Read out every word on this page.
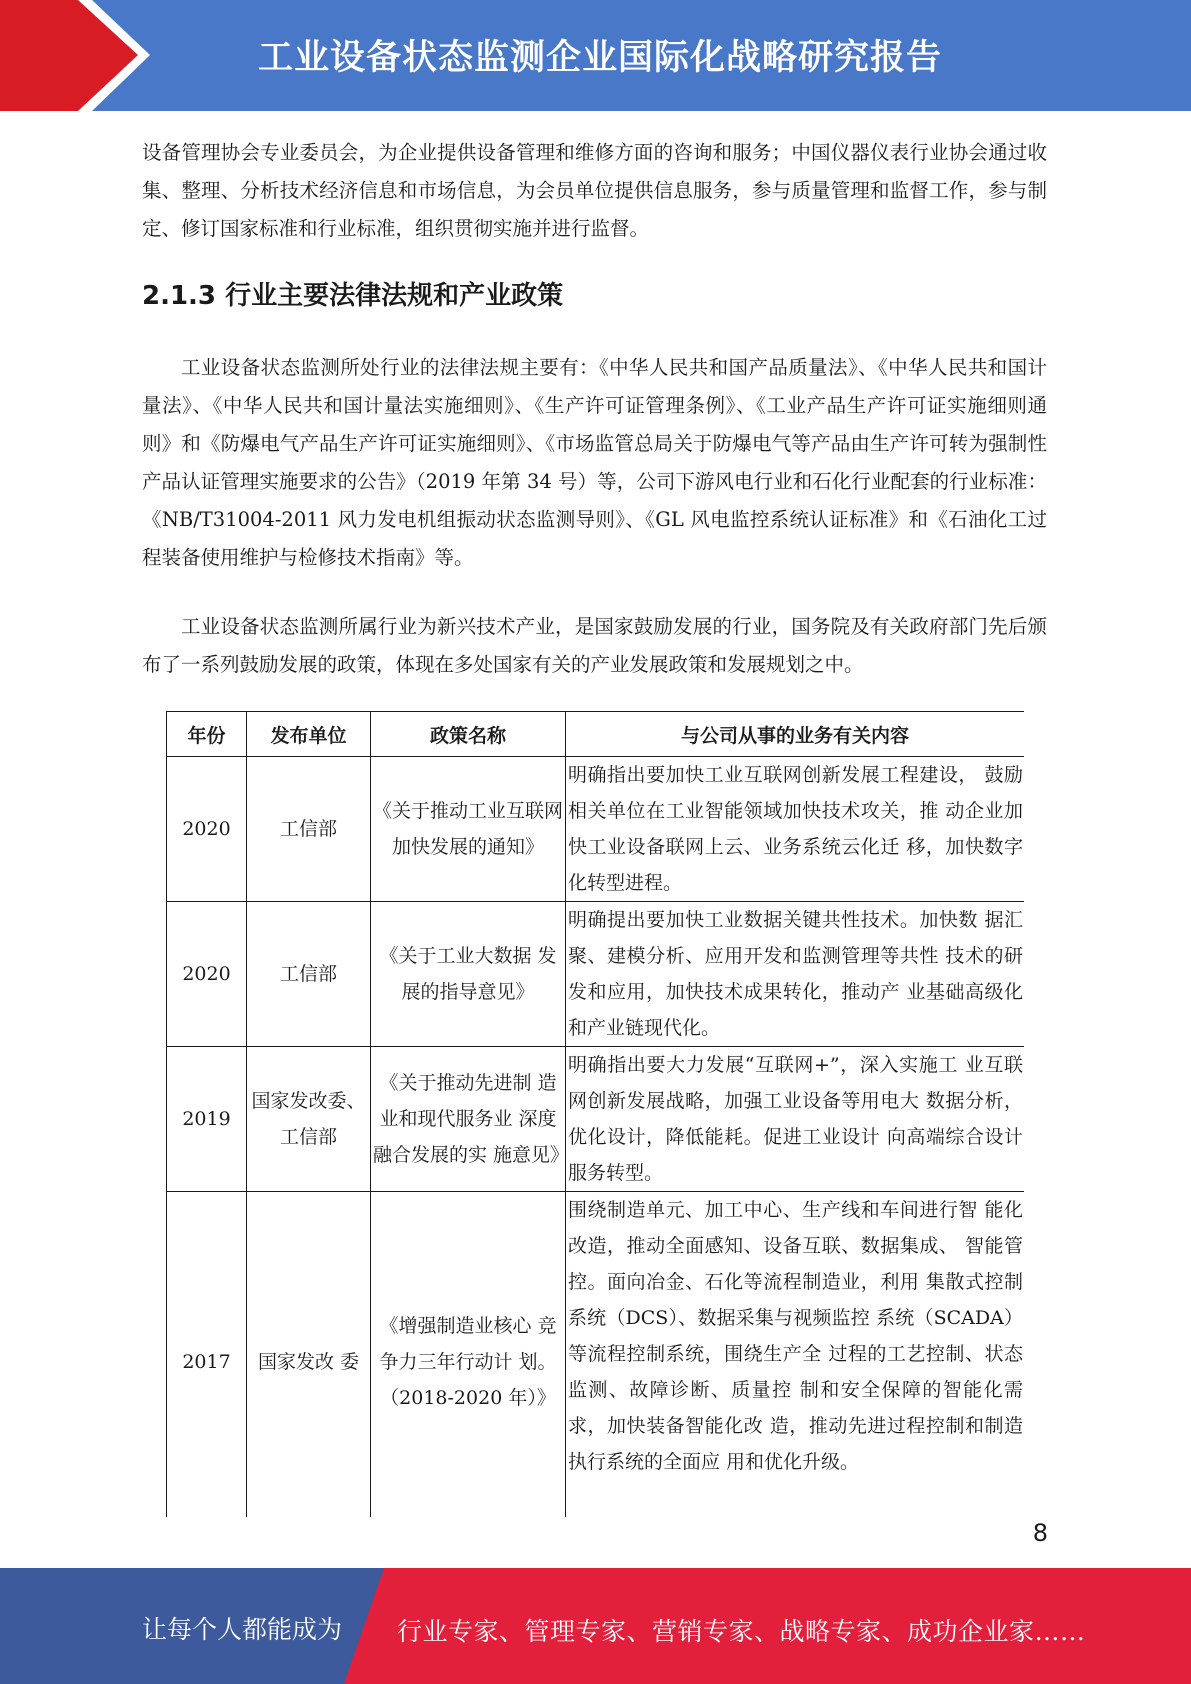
工业设备状态监测企业国际化战略研究报告

设备管理协会专业委员会，为企业提供设备管理和维修方面的咨询和服务；中国仪器仪表行业协会通过收集、整理、分析技术经济信息和市场信息，为会员单位提供信息服务，参与质量管理和监督工作，参与制定、修订国家标准和行业标准，组织贯彻实施并进行监督。

2.1.3 行业主要法律法规和产业政策

工业设备状态监测所处行业的法律法规主要有：《中华人民共和国产品质量法》、《中华人民共和国计量法》、《中华人民共和国计量法实施细则》、《生产许可证管理条例》、《工业产品生产许可证实施细则通则》和《防爆电气产品生产许可证实施细则》、《市场监管总局关于防爆电气等产品由生产许可转为强制性产品认证管理实施要求的公告》（2019 年第 34 号）等，公司下游风电行业和石化行业配套的行业标准：《NB/T31004-2011 风力发电机组振动状态监测导则》、《GL 风电监控系统认证标准》和《石油化工过程装备使用维护与检修技术指南》等。

工业设备状态监测所属行业为新兴技术产业，是国家鼓励发展的行业，国务院及有关政府部门先后颁布了一系列鼓励发展的政策，体现在多处国家有关的产业发展政策和发展规划之中。

年份	发布单位	政策名称	与公司从事的业务有关内容
2020	工信部	《关于推动工业互联网加快发展的通知》	明确指出要加快工业互联网创新发展工程建设， 鼓励相关单位在工业智能领域加快技术攻关，推 动企业加快工业设备联网上云、业务系统云化迁 移，加快数字化转型进程。
2020	工信部	《关于工业大数据 发展的指导意见》	明确提出要加快工业数据关键共性技术。加快数 据汇聚、建模分析、应用开发和监测管理等共性 技术的研发和应用，加快技术成果转化，推动产 业基础高级化和产业链现代化。
2019	国家发改委、工信部	《关于推动先进制 造业和现代服务业 深度融合发展的实 施意见》	明确指出要大力发展“互联网+”，深入实施工 业互联网创新发展战略，加强工业设备等用电大 数据分析，优化设计，降低能耗。促进工业设计 向高端综合设计服务转型。
2017	国家发改 委	《增强制造业核心 竞争力三年行动计 划。（2018-2020 年）》	围绕制造单元、加工中心、生产线和车间进行智 能化改造，推动全面感知、设备互联、数据集成、 智能管控。面向冶金、石化等流程制造业，利用 集散式控制系统（DCS）、数据采集与视频监控 系统（SCADA）等流程控制系统，围绕生产全 过程的工艺控制、状态监测、故障诊断、质量控 制和安全保障的智能化需求，加快装备智能化改 造，推动先进过程控制和制造执行系统的全面应 用和优化升级。
8
让每个人都能成为 行业专家、管理专家、营销专家、战略专家、成功企业家……
